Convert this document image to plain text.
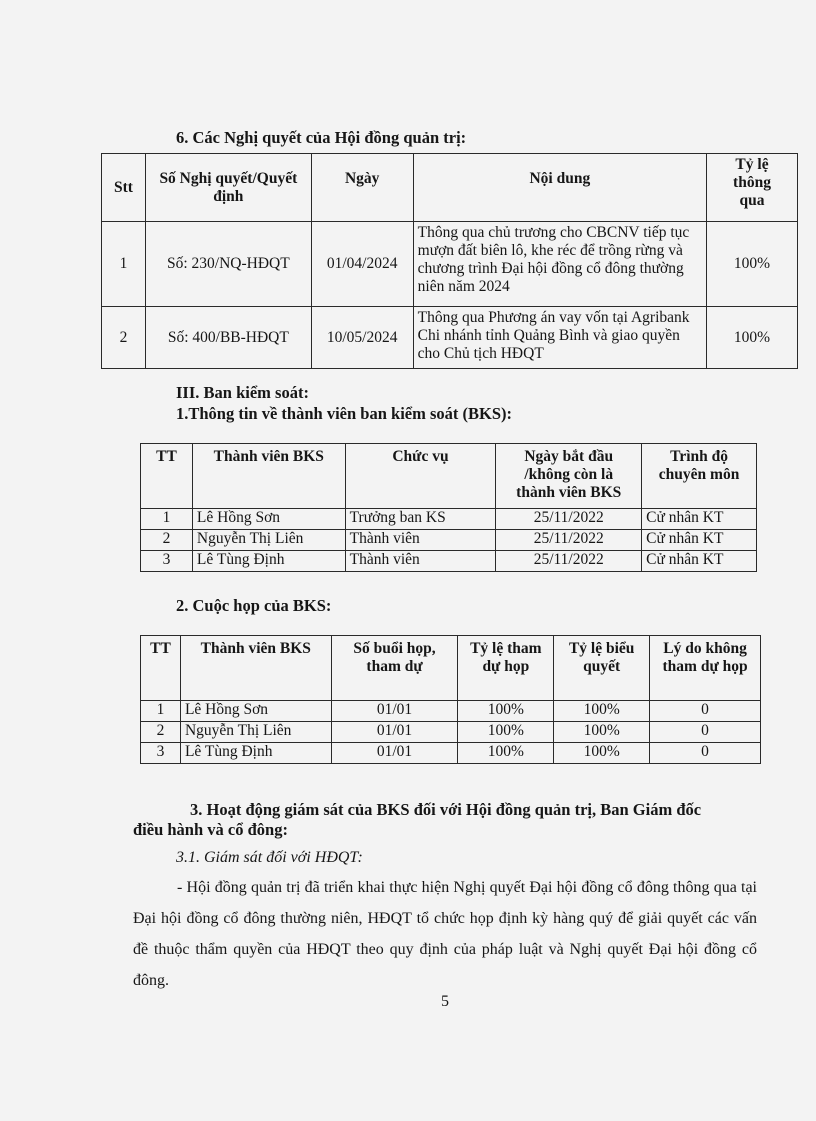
6. Các Nghị quyết của Hội đồng quản trị:
Stt	Số Nghị quyết/Quyết định	Ngày	Nội dung	Tỷ lệ thông qua
1	Số: 230/NQ-HĐQT	01/04/2024	Thông qua chủ trương cho CBCNV tiếp tục mượn đất biên lô, khe réc để trồng rừng và chương trình Đại hội đồng cổ đông thường niên năm 2024	100%
2	Số: 400/BB-HĐQT	10/05/2024	Thông qua Phương án vay vốn tại Agribank Chi nhánh tỉnh Quảng Bình và giao quyền cho Chủ tịch HĐQT	100%
III. Ban kiểm soát:
1.Thông tin về thành viên ban kiểm soát (BKS):
TT	Thành viên BKS	Chức vụ	Ngày bắt đầu /không còn là thành viên BKS	Trình độ chuyên môn
1	Lê Hồng Sơn	Trưởng ban KS	25/11/2022	Cử nhân KT
2	Nguyễn Thị Liên	Thành viên	25/11/2022	Cử nhân KT
3	Lê Tùng Định	Thành viên	25/11/2022	Cử nhân KT
2. Cuộc họp của BKS:
TT	Thành viên BKS	Số buổi họp, tham dự	Tỷ lệ tham dự họp	Tỷ lệ biểu quyết	Lý do không tham dự họp
1	Lê Hồng Sơn	01/01	100%	100%	0
2	Nguyễn Thị Liên	01/01	100%	100%	0
3	Lê Tùng Định	01/01	100%	100%	0
3. Hoạt động giám sát của BKS đối với Hội đồng quản trị, Ban Giám đốc
điều hành và cổ đông:
3.1. Giám sát đối với HĐQT:
- Hội đồng quản trị đã triển khai thực hiện Nghị quyết Đại hội đồng cổ đông thông qua tại Đại hội đồng cổ đông thường niên, HĐQT tổ chức họp định kỳ hàng quý để giải quyết các vấn đề thuộc thẩm quyền của HĐQT theo quy định của pháp luật và Nghị quyết Đại hội đồng cổ đông.
5
